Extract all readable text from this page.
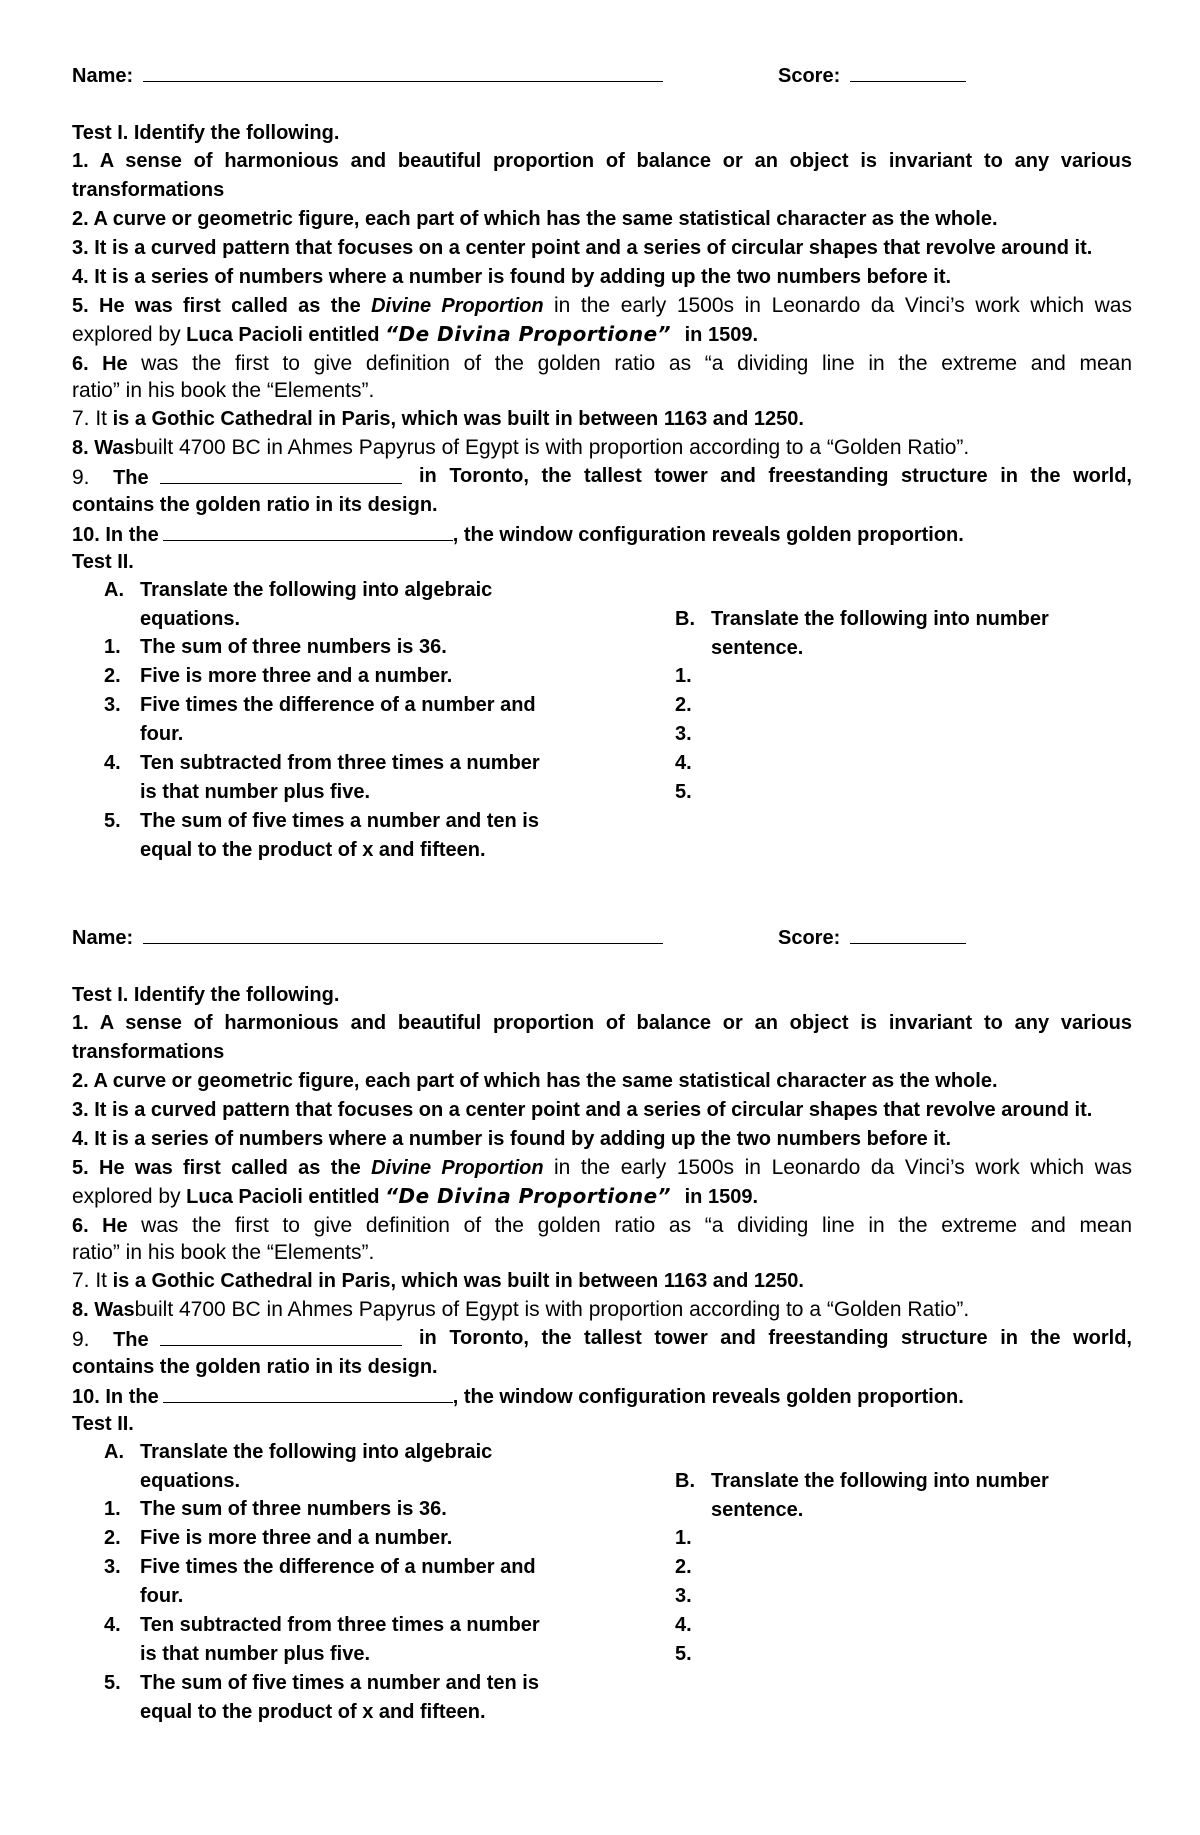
Name:	Score:
Test I. Identify the following.
1. A sense of harmonious and beautiful proportion of balance or an object is invariant to any various
transformations
2. A curve or geometric figure, each part of which has the same statistical character as the whole.
3. It is a curved pattern that focuses on a center point and a series of circular shapes that revolve around it.
4. It is a series of numbers where a number is found by adding up the two numbers before it.
5. He was first called as the Divine Proportion in the early 1500s in Leonardo da Vinci’s work which was
explored by Luca Pacioli entitled “De Divina Proportione” in 1509.
6. He was the first to give definition of the golden ratio as “a dividing line in the extreme and mean
ratio” in his book the “Elements”.
7. It is a Gothic Cathedral in Paris, which was built in between 1163 and 1250.
8. Wasbuilt 4700 BC in Ahmes Papyrus of Egypt is with proportion according to a “Golden Ratio”.
9. The	in Toronto, the tallest tower and freestanding structure in the world,
contains the golden ratio in its design.
10. In the	, the window configuration reveals golden proportion.
Test II.
A. Translate the following into algebraic
equations.
1. The sum of three numbers is 36.
2. Five is more three and a number.
3. Five times the difference of a number and
four.
4. Ten subtracted from three times a number
is that number plus five.
5. The sum of five times a number and ten is
equal to the product of x and fifteen.
B. Translate the following into number
sentence.
1.
2.
3.
4.
5.
Name:	Score:
Test I. Identify the following.
1. A sense of harmonious and beautiful proportion of balance or an object is invariant to any various
transformations
2. A curve or geometric figure, each part of which has the same statistical character as the whole.
3. It is a curved pattern that focuses on a center point and a series of circular shapes that revolve around it.
4. It is a series of numbers where a number is found by adding up the two numbers before it.
5. He was first called as the Divine Proportion in the early 1500s in Leonardo da Vinci’s work which was
explored by Luca Pacioli entitled “De Divina Proportione” in 1509.
6. He was the first to give definition of the golden ratio as “a dividing line in the extreme and mean
ratio” in his book the “Elements”.
7. It is a Gothic Cathedral in Paris, which was built in between 1163 and 1250.
8. Wasbuilt 4700 BC in Ahmes Papyrus of Egypt is with proportion according to a “Golden Ratio”.
9. The	in Toronto, the tallest tower and freestanding structure in the world,
contains the golden ratio in its design.
10. In the	, the window configuration reveals golden proportion.
Test II.
A. Translate the following into algebraic
equations.
1. The sum of three numbers is 36.
2. Five is more three and a number.
3. Five times the difference of a number and
four.
4. Ten subtracted from three times a number
is that number plus five.
5. The sum of five times a number and ten is
equal to the product of x and fifteen.
B. Translate the following into number
sentence.
1.
2.
3.
4.
5.
